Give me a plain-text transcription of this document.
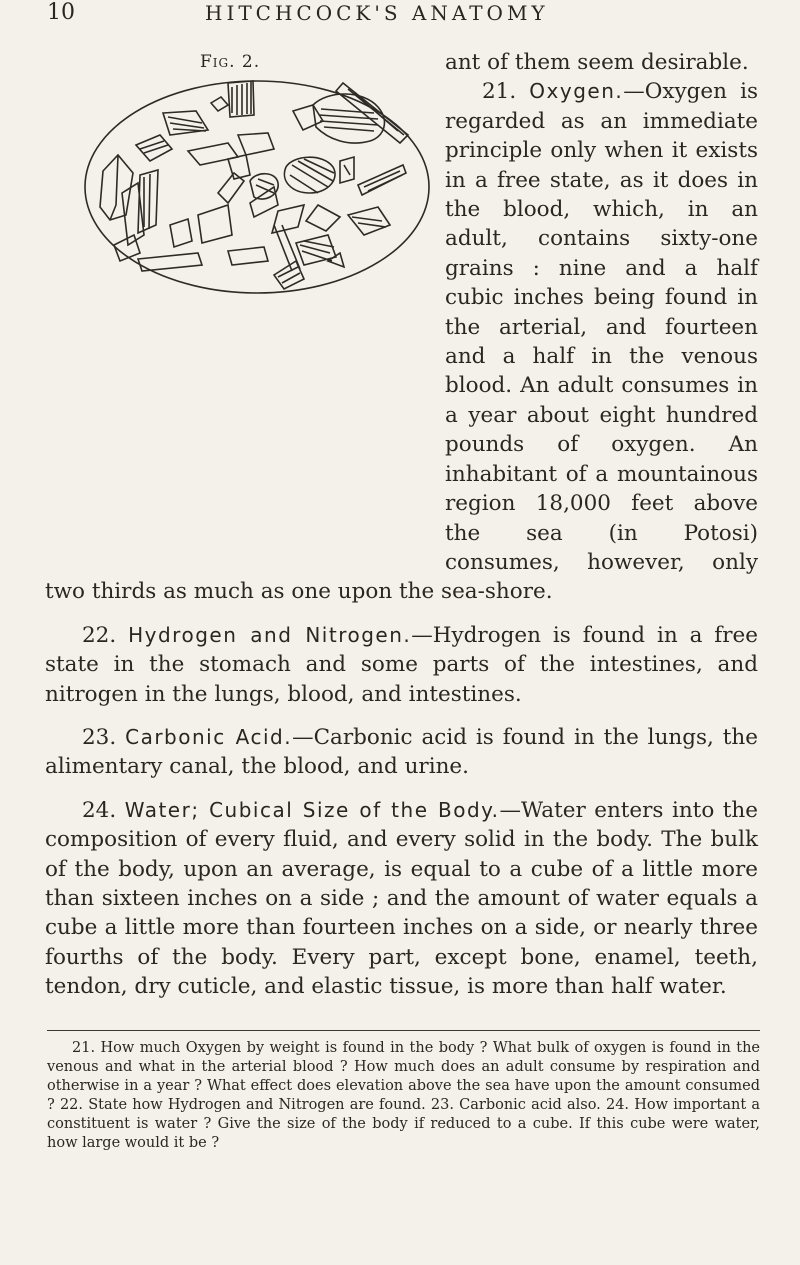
10	HITCHCOCK'S ANATOMY
Fig. 2.	ant of them seem desirable.

21. Oxygen.—Oxygen is regarded as an immediate principle only when it exists in a free state, as it does in the blood, which, in an adult, contains sixty-one grains : nine and a half cubic inches being found in the arterial, and fourteen and a half in the venous blood. An adult consumes in a year about eight hundred pounds of oxygen. An inhabitant of a mountainous region 18,000 feet above the sea (in Potosi) consumes, however, only two thirds as much as one upon the sea-shore.

22. Hydrogen and Nitrogen.—Hydrogen is found in a free state in the stomach and some parts of the intestines, and nitrogen in the lungs, blood, and intestines.

23. Carbonic Acid.—Carbonic acid is found in the lungs, the alimentary canal, the blood, and urine.

24. Water; Cubical Size of the Body.—Water enters into the composition of every fluid, and every solid in the body. The bulk of the body, upon an average, is equal to a cube of a little more than sixteen inches on a side ; and the amount of water equals a cube a little more than fourteen inches on a side, or nearly three fourths of the body. Every part, except bone, enamel, teeth, tendon, dry cuticle, and elastic tissue, is more than half water.

21. How much Oxygen by weight is found in the body ? What bulk of oxygen is found in the venous and what in the arterial blood ? How much does an adult consume by respiration and otherwise in a year ? What effect does elevation above the sea have upon the amount consumed ? 22. State how Hydrogen and Nitrogen are found. 23. Carbonic acid also. 24. How important a constituent is water ? Give the size of the body if reduced to a cube. If this cube were water, how large would it be ?
